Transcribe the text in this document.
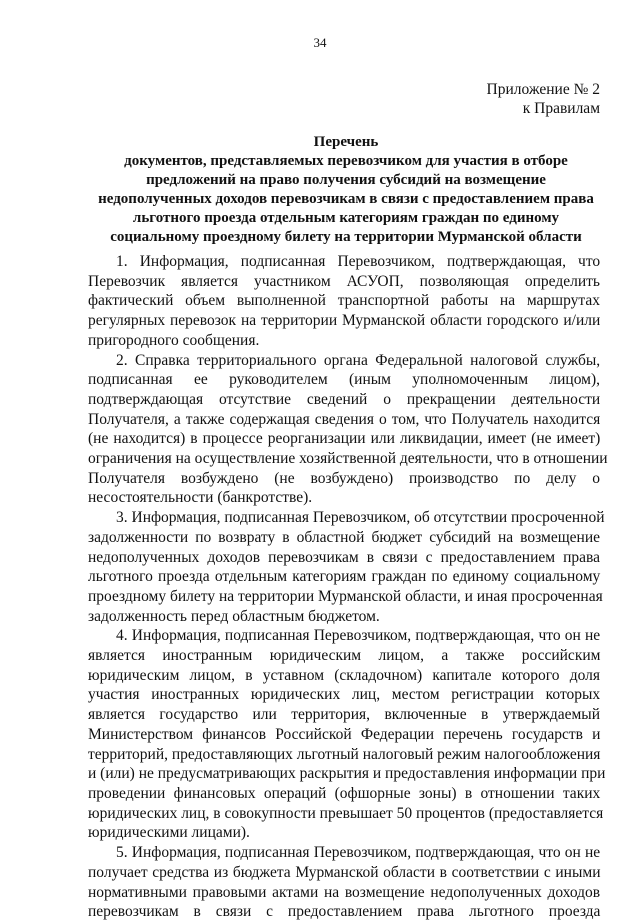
34
Приложение № 2
к Правилам
Перечень
документов, представляемых перевозчиком для участия в отборе
предложений на право получения субсидий на возмещение
недополученных доходов перевозчикам в связи с предоставлением права
льготного проезда отдельным категориям граждан по единому
социальному проездному билету на территории Мурманской области
1. Информация, подписанная Перевозчиком, подтверждающая, что
Перевозчик является участником АСУОП, позволяющая определить
фактический объем выполненной транспортной работы на маршрутах
регулярных перевозок на территории Мурманской области городского и/или
пригородного сообщения.
2. Справка территориального органа Федеральной налоговой службы,
подписанная ее руководителем (иным уполномоченным лицом),
подтверждающая отсутствие сведений о прекращении деятельности
Получателя, а также содержащая сведения о том, что Получатель находится
(не находится) в процессе реорганизации или ликвидации, имеет (не имеет)
ограничения на осуществление хозяйственной деятельности, что в отношении
Получателя возбуждено (не возбуждено) производство по делу о
несостоятельности (банкротстве).
3. Информация, подписанная Перевозчиком, об отсутствии просроченной
задолженности по возврату в областной бюджет субсидий на возмещение
недополученных доходов перевозчикам в связи с предоставлением права
льготного проезда отдельным категориям граждан по единому социальному
проездному билету на территории Мурманской области, и иная просроченная
задолженность перед областным бюджетом.
4. Информация, подписанная Перевозчиком, подтверждающая, что он не
является иностранным юридическим лицом, а также российским
юридическим лицом, в уставном (складочном) капитале которого доля
участия иностранных юридических лиц, местом регистрации которых
является государство или территория, включенные в утверждаемый
Министерством финансов Российской Федерации перечень государств и
территорий, предоставляющих льготный налоговый режим налогообложения
и (или) не предусматривающих раскрытия и предоставления информации при
проведении финансовых операций (офшорные зоны) в отношении таких
юридических лиц, в совокупности превышает 50 процентов (предоставляется
юридическими лицами).
5. Информация, подписанная Перевозчиком, подтверждающая, что он не
получает средства из бюджета Мурманской области в соответствии с иными
нормативными правовыми актами на возмещение недополученных доходов
перевозчикам в связи с предоставлением права льготного проезда
